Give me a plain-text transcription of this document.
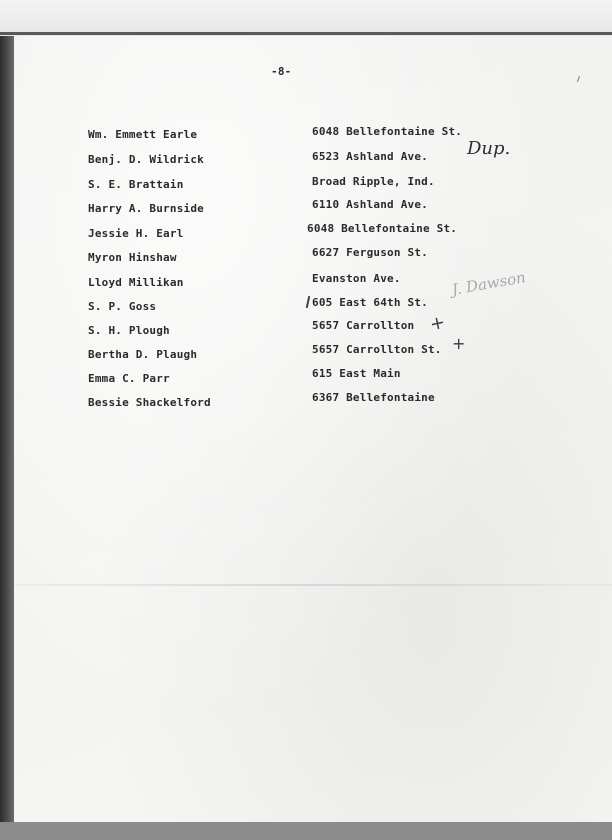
-8-
Wm. Emmett Earle	6048 Bellefontaine St.
Benj. D. Wildrick	6523 Ashland Ave.
S. E. Brattain	Broad Ripple, Ind.
Harry A. Burnside	6110 Ashland Ave.
Jessie H. Earl	6048 Bellefontaine St.
Myron Hinshaw	6627 Ferguson St.
Lloyd Millikan	Evanston Ave.
S. P. Goss	605 East 64th St.
S. H. Plough	5657 Carrollton
Bertha D. Plaugh	5657 Carrollton St.
Emma C. Parr	615 East Main
Bessie Shackelford	6367 Bellefontaine
Dup.
J. Dawson
+
+
